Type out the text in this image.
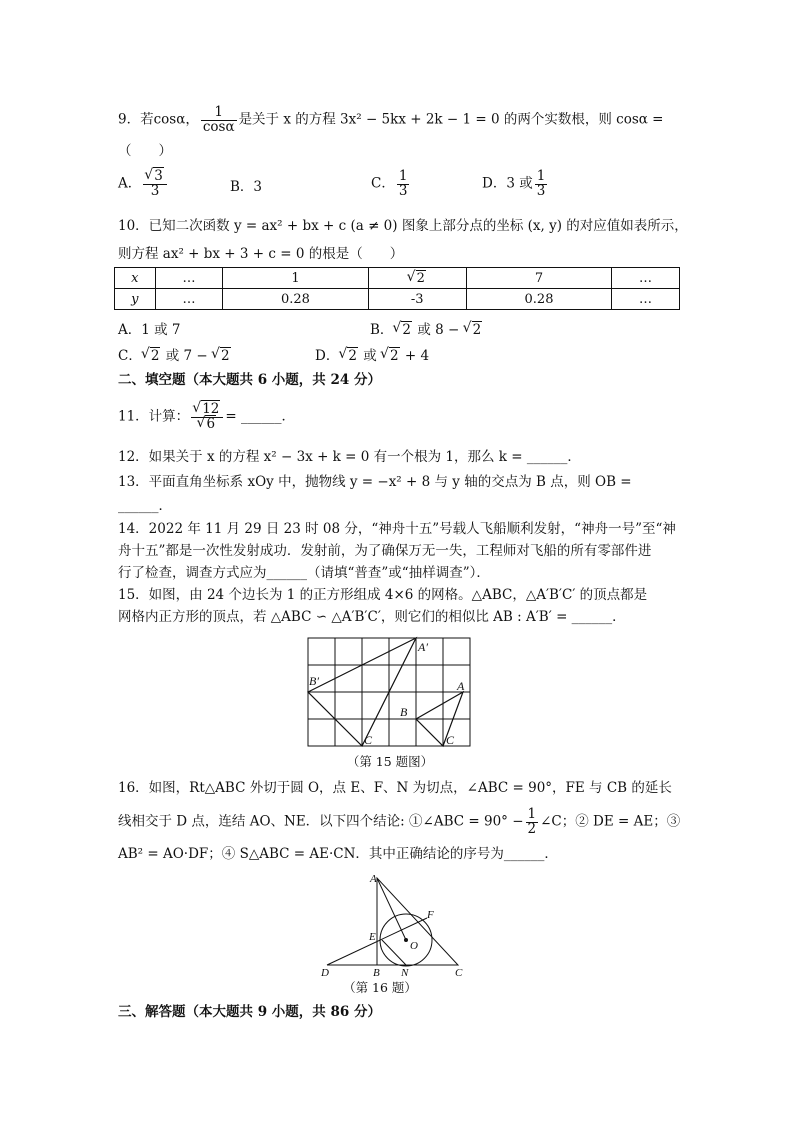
9．若cosα， $\frac{1}{\cos\alpha}$ 是关于 x 的方程 3x² − 5kx + 2k − 1 = 0 的两个实数根，则 cosα =
（　　）
A． √ $\frac{3}{3}$	B．3	C． $\frac{1}{3}$	D．3 或 $\frac{1}{3}$
10．已知二次函数 y = ax² + bx + c (a ≠ 0) 图象上部分点的坐标 (x, y) 的对应值如表所示，
则方程 ax² + bx + 3 + c = 0 的根是（　　）
x	…	1	√ 2	7	…
y	…	0.28	-3	0.28	…
A．1 或 7	B． √ 2 或 8 − √ 2
C． √ 2 或 7 − √ 2	D． √ 2 或 √ 2 + 4
二、填空题（本大题共 6 小题，共 24 分）
11．计算： √ 12
√ 6 = ______．
12．如果关于 x 的方程 x² − 3x + k = 0 有一个根为 1，那么 k = ______．
13．平面直角坐标系 xOy 中，抛物线 y = −x² + 8 与 y 轴的交点为 B 点，则 OB =
______．
14．2022 年 11 月 29 日 23 时 08 分，“神舟十五”号载人飞船顺利发射，“神舟一号”至“神
舟十五”都是一次性发射成功．发射前，为了确保万无一失，工程师对飞船的所有零部件进
行了检查，调查方式应为______（请填“普查”或“抽样调查”）．
15．如图，由 24 个边长为 1 的正方形组成 4×6 的网格。△ABC，△A′B′C′ 的顶点都是
网格内正方形的顶点，若 △ABC ∽ △A′B′C′，则它们的相似比 AB : A′B′ = ______．
A′
B′	A
B
C	C
（第 15 题图）
16．如图，Rt△ABC 外切于圆 O，点 E、F、N 为切点，∠ABC = 90°，FE 与 CB 的延长
线相交于 D 点，连结 AO、NE．以下四个结论: ①∠ABC = $90^\circ - \frac{1}{2}$ ∠C；② DE = AE；③
AB² = AO·DF；④ S△ABC = AE·CN．其中正确结论的序号为______．
A
E
F
O
D	B N	C
（第 16 题）
三、解答题（本大题共 9 小题，共 86 分）
